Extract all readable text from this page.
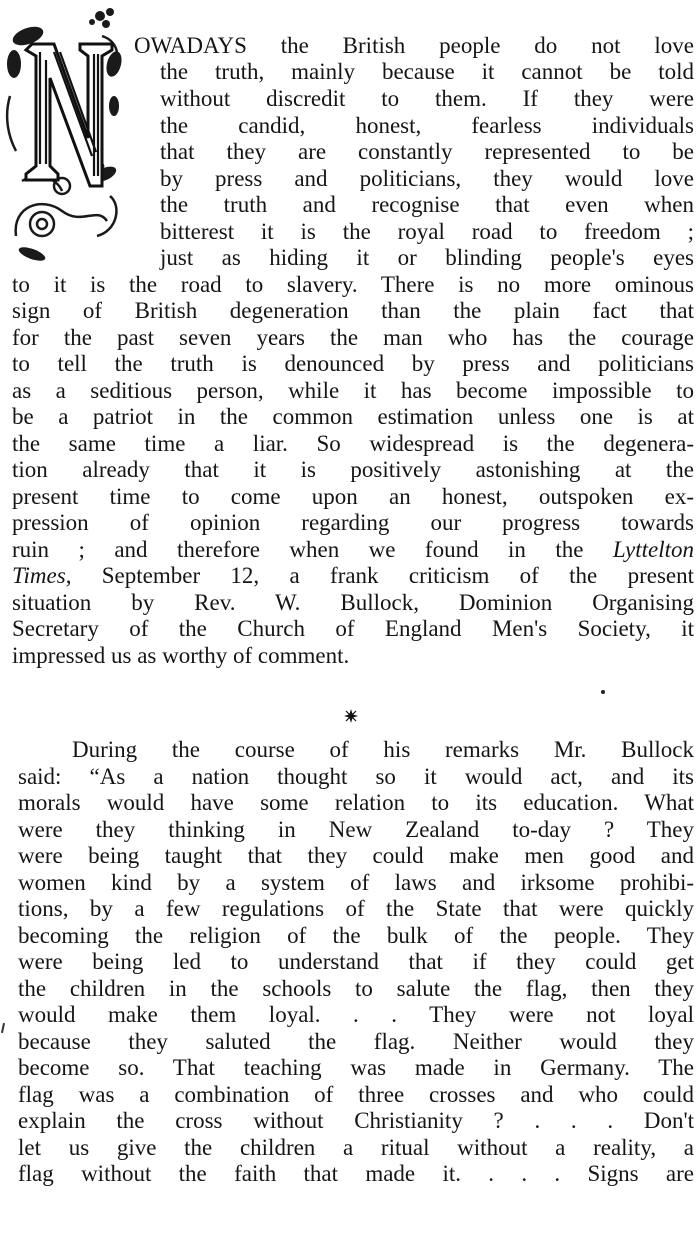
OWADAYS the British people do not love
the truth, mainly because it cannot be told
without discredit to them. If they were
the candid, honest, fearless individuals
that they are constantly represented to be
by press and politicians, they would love
the truth and recognise that even when
bitterest it is the royal road to freedom ;
just as hiding it or blinding people's eyes
to it is the road to slavery. There is no more ominous
sign of British degeneration than the plain fact that
for the past seven years the man who has the courage
to tell the truth is denounced by press and politicians
as a seditious person, while it has become impossible to
be a patriot in the common estimation unless one is at
the same time a liar. So widespread is the degenera-
tion already that it is positively astonishing at the
present time to come upon an honest, outspoken ex-
pression of opinion regarding our progress towards
ruin ; and therefore when we found in the Lyttelton
Times, September 12, a frank criticism of the present
situation by Rev. W. Bullock, Dominion Organising
Secretary of the Church of England Men's Society, it
impressed us as worthy of comment.
During the course of his remarks Mr. Bullock
said: “As a nation thought so it would act, and its
morals would have some relation to its education. What
were they thinking in New Zealand to-day ? They
were being taught that they could make men good and
women kind by a system of laws and irksome prohibi-
tions, by a few regulations of the State that were quickly
becoming the religion of the bulk of the people. They
were being led to understand that if they could get
the children in the schools to salute the flag, then they
would make them loyal. . . They were not loyal
because they saluted the flag. Neither would they
become so. That teaching was made in Germany. The
flag was a combination of three crosses and who could
explain the cross without Christianity ? . . . Don't
let us give the children a ritual without a reality, a
flag without the faith that made it. . . . Signs are
